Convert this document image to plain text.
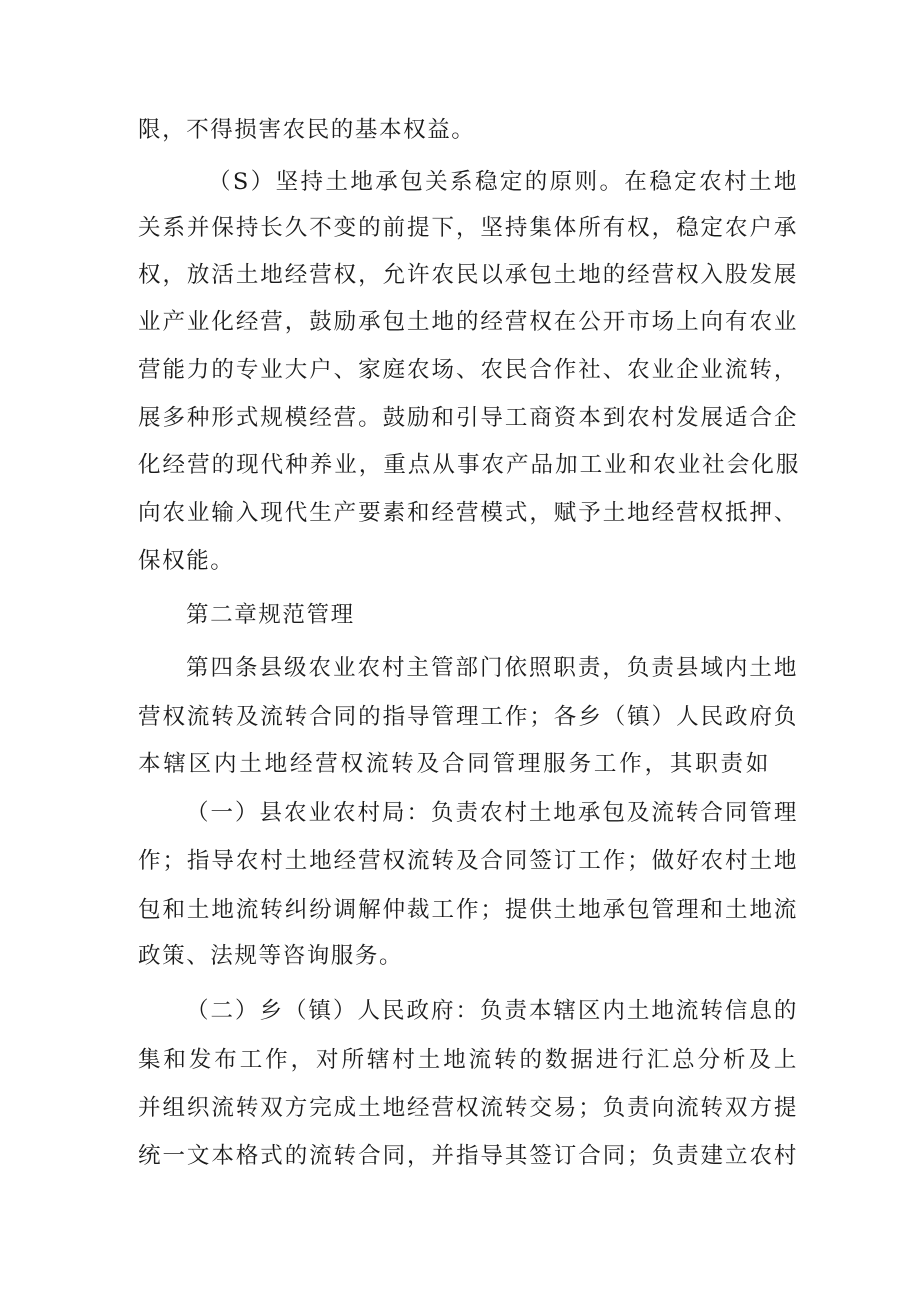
限，不得损害农民的基本权益。
（S）坚持土地承包关系稳定的原则。在稳定农村土地
关系并保持长久不变的前提下，坚持集体所有权，稳定农户承
权，放活土地经营权，允许农民以承包土地的经营权入股发展
业产业化经营，鼓励承包土地的经营权在公开市场上向有农业
营能力的专业大户、家庭农场、农民合作社、农业企业流转，
展多种形式规模经营。鼓励和引导工商资本到农村发展适合企
化经营的现代种养业，重点从事农产品加工业和农业社会化服
向农业输入现代生产要素和经营模式，赋予土地经营权抵押、
保权能。
第二章规范管理
第四条县级农业农村主管部门依照职责，负责县域内土地
营权流转及流转合同的指导管理工作；各乡（镇）人民政府负
本辖区内土地经营权流转及合同管理服务工作，其职责如
（一）县农业农村局：负责农村土地承包及流转合同管理
作；指导农村土地经营权流转及合同签订工作；做好农村土地
包和土地流转纠纷调解仲裁工作；提供土地承包管理和土地流
政策、法规等咨询服务。
（二）乡（镇）人民政府：负责本辖区内土地流转信息的
集和发布工作，对所辖村土地流转的数据进行汇总分析及上
并组织流转双方完成土地经营权流转交易；负责向流转双方提
统一文本格式的流转合同，并指导其签订合同；负责建立农村
